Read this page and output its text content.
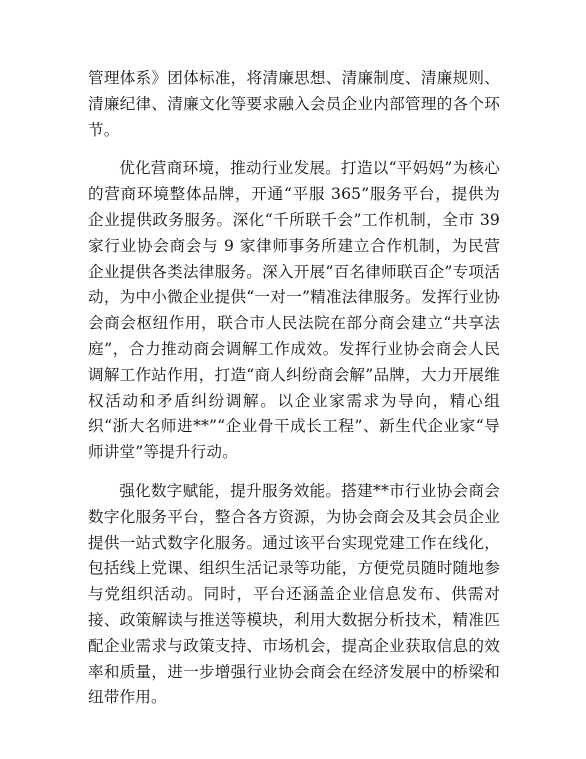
管理体系》团体标准，将清廉思想、清廉制度、清廉规则、清廉纪律、清廉文化等要求融入会员企业内部管理的各个环节。

优化营商环境，推动行业发展。打造以“平妈妈”为核心的营商环境整体品牌，开通“平服 365”服务平台，提供为企业提供政务服务。深化“千所联千会”工作机制，全市 39 家行业协会商会与 9 家律师事务所建立合作机制，为民营企业提供各类法律服务。深入开展“百名律师联百企”专项活动，为中小微企业提供“一对一”精准法律服务。发挥行业协会商会枢纽作用，联合市人民法院在部分商会建立“共享法庭”，合力推动商会调解工作成效。发挥行业协会商会人民调解工作站作用，打造“商人纠纷商会解”品牌，大力开展维权活动和矛盾纠纷调解。以企业家需求为导向，精心组织“浙大名师进**”“企业骨干成长工程”、新生代企业家“导师讲堂”等提升行动。

强化数字赋能，提升服务效能。搭建**市行业协会商会数字化服务平台，整合各方资源，为协会商会及其会员企业提供一站式数字化服务。通过该平台实现党建工作在线化，包括线上党课、组织生活记录等功能，方便党员随时随地参与党组织活动。同时，平台还涵盖企业信息发布、供需对接、政策解读与推送等模块，利用大数据分析技术，精准匹配企业需求与政策支持、市场机会，提高企业获取信息的效率和质量，进一步增强行业协会商会在经济发展中的桥梁和纽带作用。
